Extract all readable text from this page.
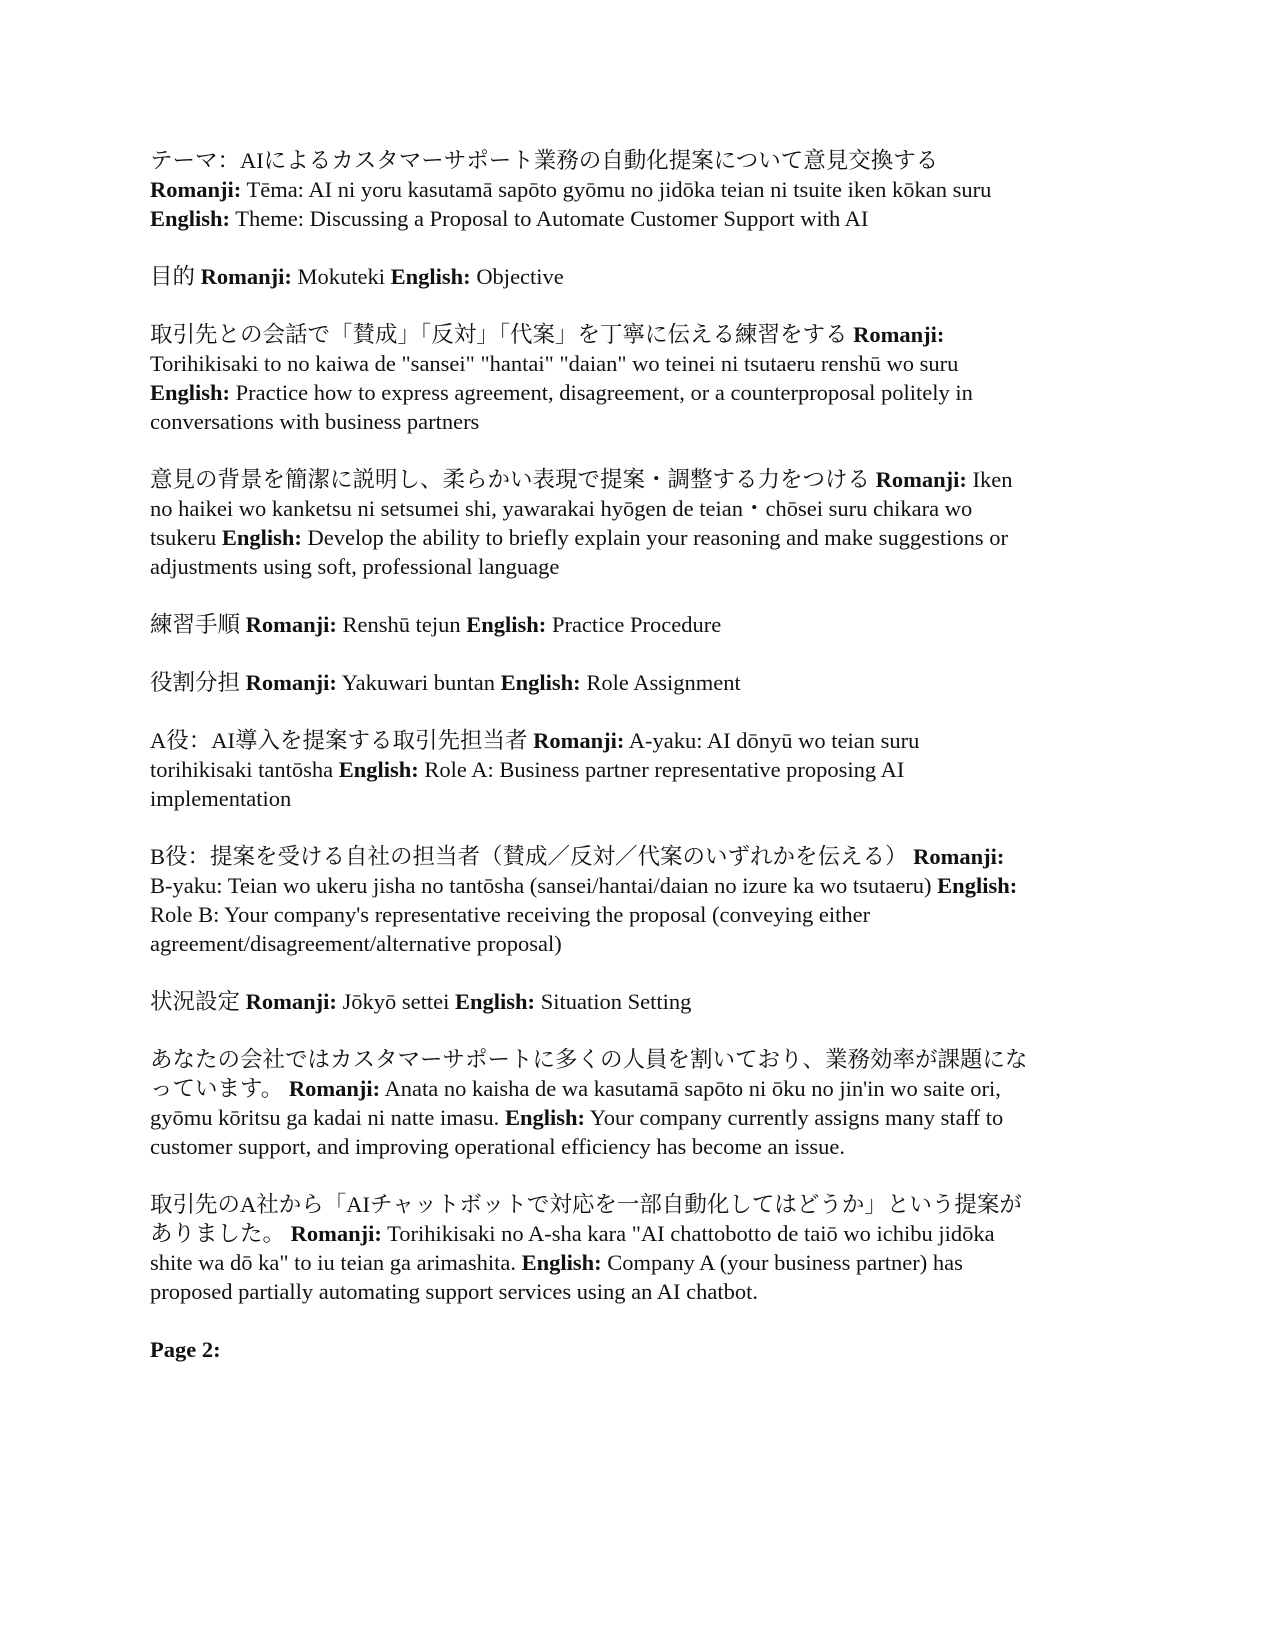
テーマ：AIによるカスタマーサポート業務の自動化提案について意見交換する
Romanji: Tēma: AI ni yoru kasutamā sapōto gyōmu no jidōka teian ni tsuite iken kōkan suru
English: Theme: Discussing a Proposal to Automate Customer Support with AI

目的 Romanji: Mokuteki English: Objective

取引先との会話で「賛成」「反対」「代案」を丁寧に伝える練習をする Romanji:
Torihikisaki to no kaiwa de "sansei" "hantai" "daian" wo teinei ni tsutaeru renshū wo suru
English: Practice how to express agreement, disagreement, or a counterproposal politely in
conversations with business partners

意見の背景を簡潔に説明し、柔らかい表現で提案・調整する力をつける Romanji: Iken
no haikei wo kanketsu ni setsumei shi, yawarakai hyōgen de teian・chōsei suru chikara wo
tsukeru English: Develop the ability to briefly explain your reasoning and make suggestions or
adjustments using soft, professional language

練習手順 Romanji: Renshū tejun English: Practice Procedure

役割分担 Romanji: Yakuwari buntan English: Role Assignment

A役：AI導入を提案する取引先担当者 Romanji: A-yaku: AI dōnyū wo teian suru
torihikisaki tantōsha English: Role A: Business partner representative proposing AI
implementation

B役：提案を受ける自社の担当者（賛成／反対／代案のいずれかを伝える） Romanji:
B-yaku: Teian wo ukeru jisha no tantōsha (sansei/hantai/daian no izure ka wo tsutaeru) English:
Role B: Your company's representative receiving the proposal (conveying either
agreement/disagreement/alternative proposal)

状況設定 Romanji: Jōkyō settei English: Situation Setting

あなたの会社ではカスタマーサポートに多くの人員を割いており、業務効率が課題にな
っています。 Romanji: Anata no kaisha de wa kasutamā sapōto ni ōku no jin'in wo saite ori,
gyōmu kōritsu ga kadai ni natte imasu. English: Your company currently assigns many staff to
customer support, and improving operational efficiency has become an issue.

取引先のA社から「AIチャットボットで対応を一部自動化してはどうか」という提案が
ありました。 Romanji: Torihikisaki no A-sha kara "AI chattobotto de taiō wo ichibu jidōka
shite wa dō ka" to iu teian ga arimashita. English: Company A (your business partner) has
proposed partially automating support services using an AI chatbot.

Page 2:
